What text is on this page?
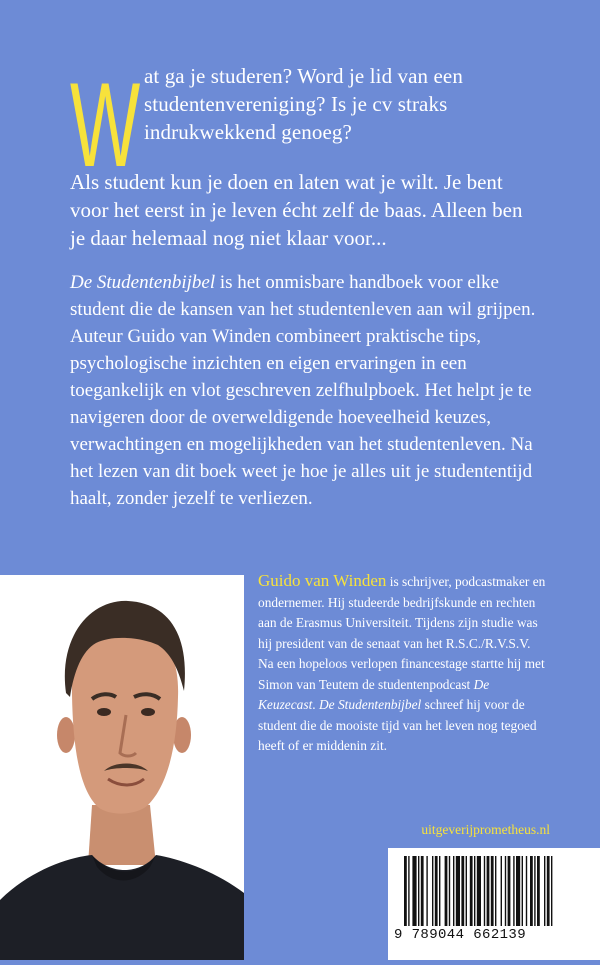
W at ga je studeren? Word je lid van een studentenvereniging? Is je cv straks indrukwekkend genoeg?

Als student kun je doen en laten wat je wilt. Je bent voor het eerst in je leven écht zelf de baas. Alleen ben je daar helemaal nog niet klaar voor...

De Studentenbijbel is het onmisbare handboek voor elke student die de kansen van het studentenleven aan wil grijpen. Auteur Guido van Winden combineert praktische tips, psychologische inzichten en eigen ervaringen in een toegankelijk en vlot geschreven zelfhulpboek. Het helpt je te navigeren door de overweldigende hoeveelheid keuzes, verwachtingen en mogelijkheden van het studentenleven. Na het lezen van dit boek weet je hoe je alles uit je studententijd haalt, zonder jezelf te verliezen.

Guido van Winden is schrijver, podcastmaker en ondernemer. Hij studeerde bedrijfskunde en rechten aan de Erasmus Universiteit. Tijdens zijn studie was hij president van de senaat van het R.S.C./R.V.S.V. Na een hopeloos verlopen financestage startte hij met Simon van Teutem de studentenpodcast De Keuzecast. De Studentenbijbel schreef hij voor de student die de mooiste tijd van het leven nog tegoed heeft of er middenin zit.

uitgeverijprometheus.nl
9 789044 662139
